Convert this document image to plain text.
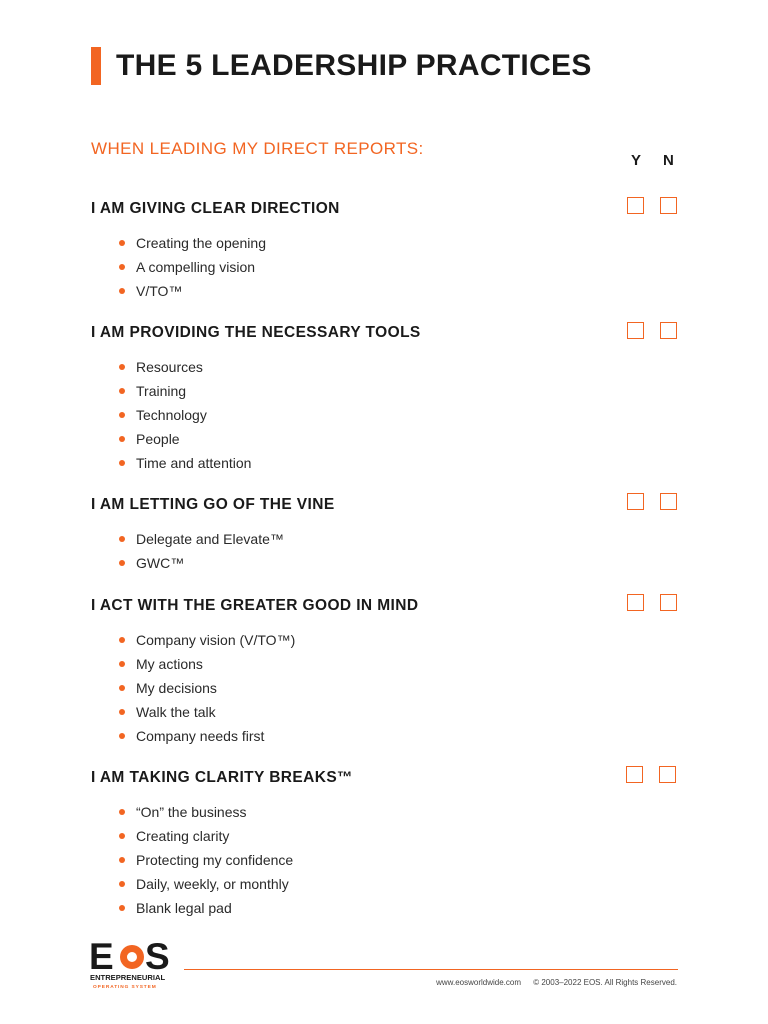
THE 5 LEADERSHIP PRACTICES
WHEN LEADING MY DIRECT REPORTS:
Y N
I AM GIVING CLEAR DIRECTION
Creating the opening
A compelling vision
V/TO™
I AM PROVIDING THE NECESSARY TOOLS
Resources
Training
Technology
People
Time and attention
I AM LETTING GO OF THE VINE
Delegate and Elevate™
GWC™
I ACT WITH THE GREATER GOOD IN MIND
Company vision (V/TO™)
My actions
My decisions
Walk the talk
Company needs first
I AM TAKING CLARITY BREAKS™
“On” the business
Creating clarity
Protecting my confidence
Daily, weekly, or monthly
Blank legal pad
E S
ENTREPRENEURIAL
OPERATING SYSTEM
www.eosworldwide.com © 2003–2022 EOS. All Rights Reserved.
